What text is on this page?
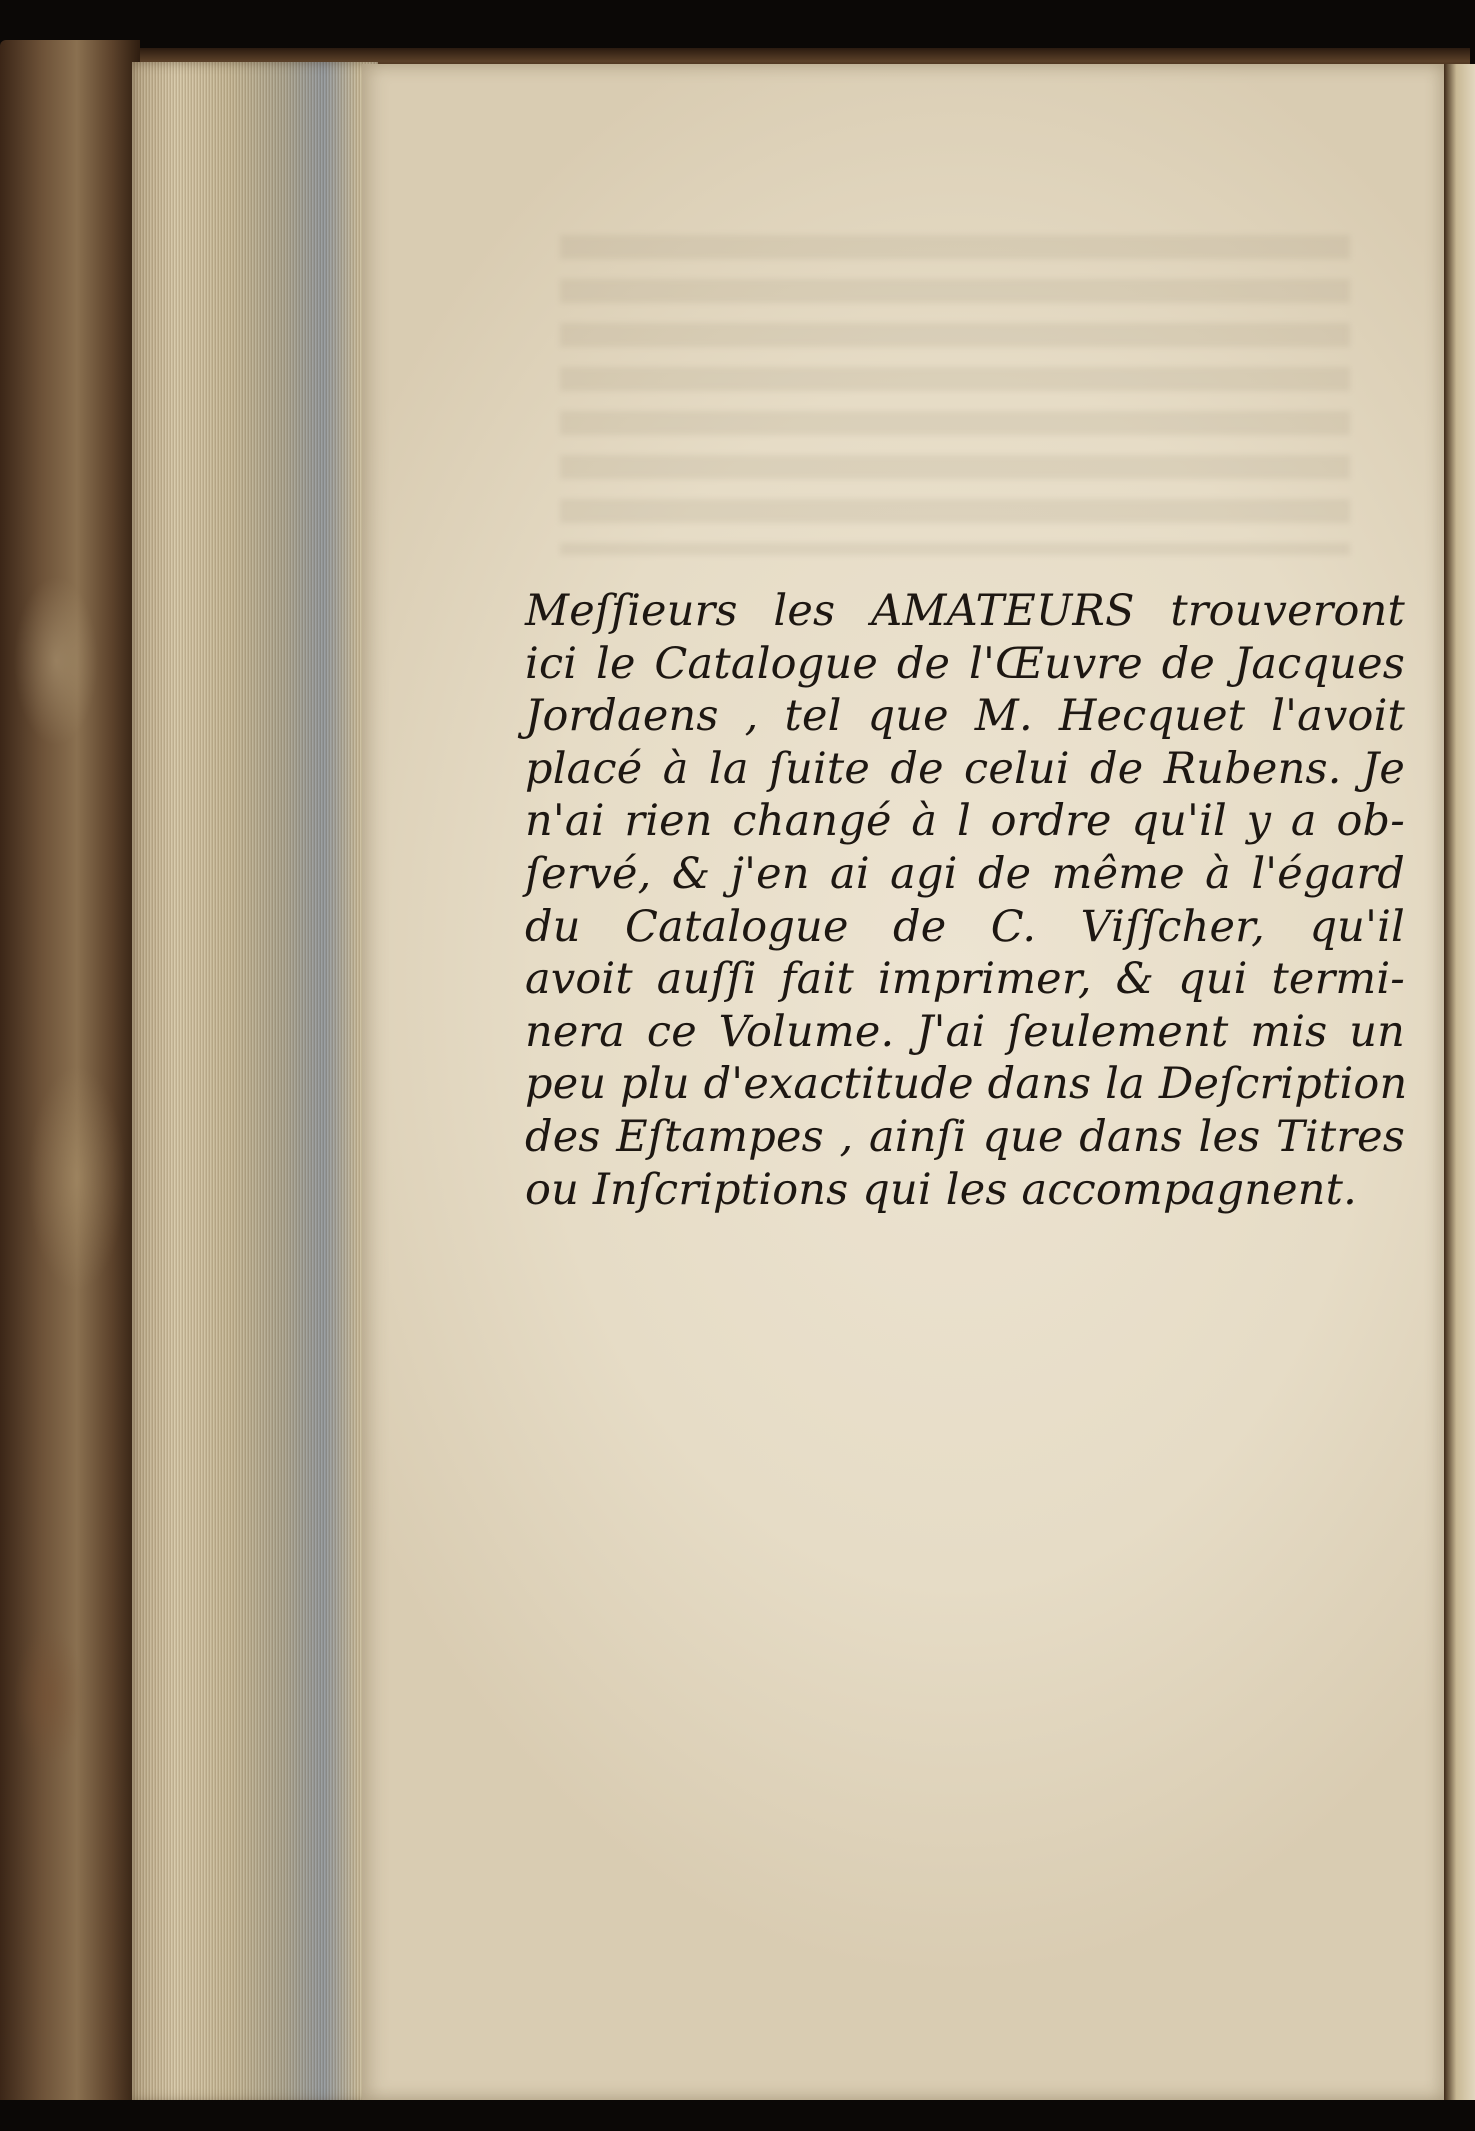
Meſſieurs les AMATEURS trouveront
ici le Catalogue de l'Œuvre de Jacques
Jordaens , tel que M. Hecquet l'avoit
placé à la ſuite de celui de Rubens. Je
n'ai rien changé à l ordre qu'il y a ob-
ſervé, & j'en ai agi de même à l'égard
du Catalogue de C. Viſſcher, qu'il
avoit auſſi fait imprimer, & qui termi-
nera ce Volume. J'ai ſeulement mis un
peu plu d'exactitude dans la Deſcription
des Eſtampes , ainſi que dans les Titres
ou Inſcriptions qui les accompagnent.
